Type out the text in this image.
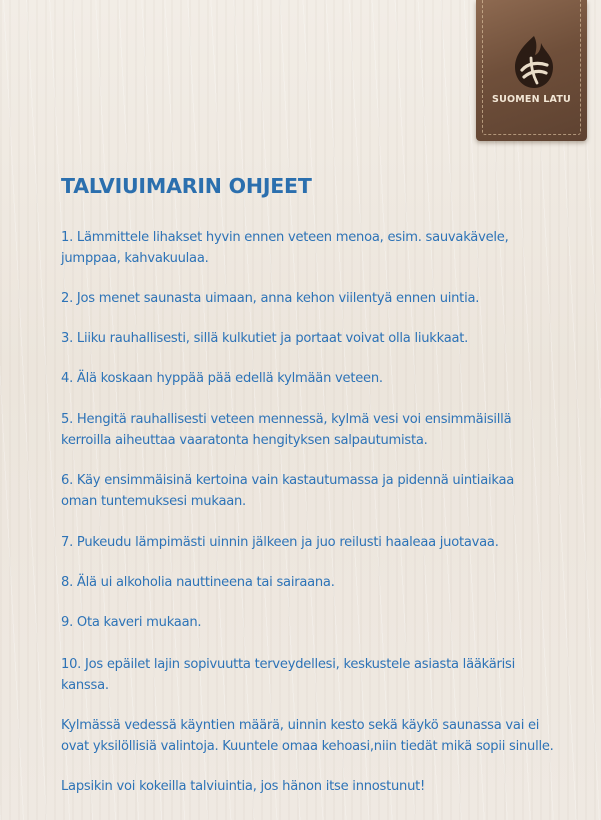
SUOMEN LATU
TALVIUIMARIN OHJEET

1. Lämmittele lihakset hyvin ennen veteen menoa, esim. sauvakävele,
jumppaa, kahvakuulaa.

2. Jos menet saunasta uimaan, anna kehon viilentyä ennen uintia.

3. Liiku rauhallisesti, sillä kulkutiet ja portaat voivat olla liukkaat.

4. Älä koskaan hyppää pää edellä kylmään veteen.

5. Hengitä rauhallisesti veteen mennessä, kylmä vesi voi ensimmäisillä
kerroilla aiheuttaa vaaratonta hengityksen salpautumista.

6. Käy ensimmäisinä kertoina vain kastautumassa ja pidennä uintiaikaa
oman tuntemuksesi mukaan.

7. Pukeudu lämpimästi uinnin jälkeen ja juo reilusti haaleaa juotavaa.

8. Älä ui alkoholia nauttineena tai sairaana.

9. Ota kaveri mukaan.

10. Jos epäilet lajin sopivuutta terveydellesi, keskustele asiasta lääkärisi
kanssa.

Kylmässä vedessä käyntien määrä, uinnin kesto sekä käykö saunassa vai ei
ovat yksilöllisiä valintoja. Kuuntele omaa kehoasi,niin tiedät mikä sopii sinulle.

Lapsikin voi kokeilla talviuintia, jos hänon itse innostunut!
